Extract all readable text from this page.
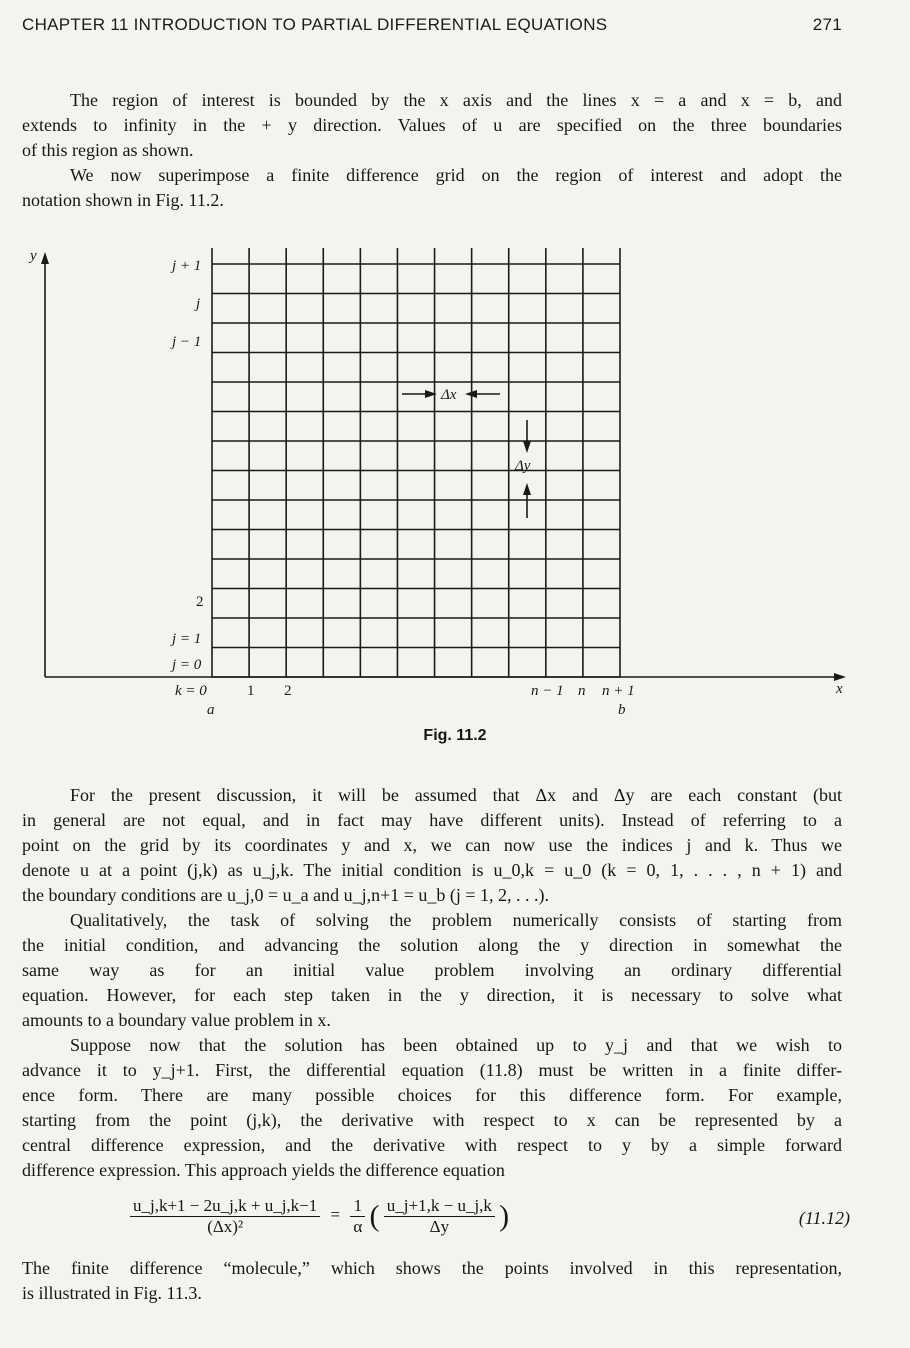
CHAPTER 11 INTRODUCTION TO PARTIAL DIFFERENTIAL EQUATIONS	271
The region of interest is bounded by the x axis and the lines x = a and x = b, and
extends to infinity in the + y direction. Values of u are specified on the three boundaries
of this region as shown.
We now superimpose a finite difference grid on the region of interest and adopt the
notation shown in Fig. 11.2.
y
x
j + 1
j
j − 1
2
j = 1
j = 0
k = 0	1 2	n − 1 n n + 1
a	b
Δx
Δy
Fig. 11.2
For the present discussion, it will be assumed that Δx and Δy are each constant (but
in general are not equal, and in fact may have different units). Instead of referring to a
point on the grid by its coordinates y and x, we can now use the indices j and k. Thus we
denote u at a point (j,k) as u_j,k. The initial condition is u_0,k = u_0 (k = 0, 1, . . . , n + 1) and
the boundary conditions are u_j,0 = u_a and u_j,n+1 = u_b (j = 1, 2, . . .).
Qualitatively, the task of solving the problem numerically consists of starting from
the initial condition, and advancing the solution along the y direction in somewhat the
same way as for an initial value problem involving an ordinary differential
equation. However, for each step taken in the y direction, it is necessary to solve what
amounts to a boundary value problem in x.
Suppose now that the solution has been obtained up to y_j and that we wish to
advance it to y_j+1. First, the differential equation (11.8) must be written in a finite differ-
ence form. There are many possible choices for this difference form. For example,
starting from the point (j,k), the derivative with respect to x can be represented by a
central difference expression, and the derivative with respect to y by a simple forward
difference expression. This approach yields the difference equation
$\frac{u\_j,k+1 - 2u\_j,k + u\_j,k-1}{\text{(Δx)²}} = \frac{1}{\alpha}$ ( $\frac{u\_j+1,k - u\_j,k}{\Delta y}$ )	(11.12)
The finite difference “molecule,” which shows the points involved in this representation,
is illustrated in Fig. 11.3.
